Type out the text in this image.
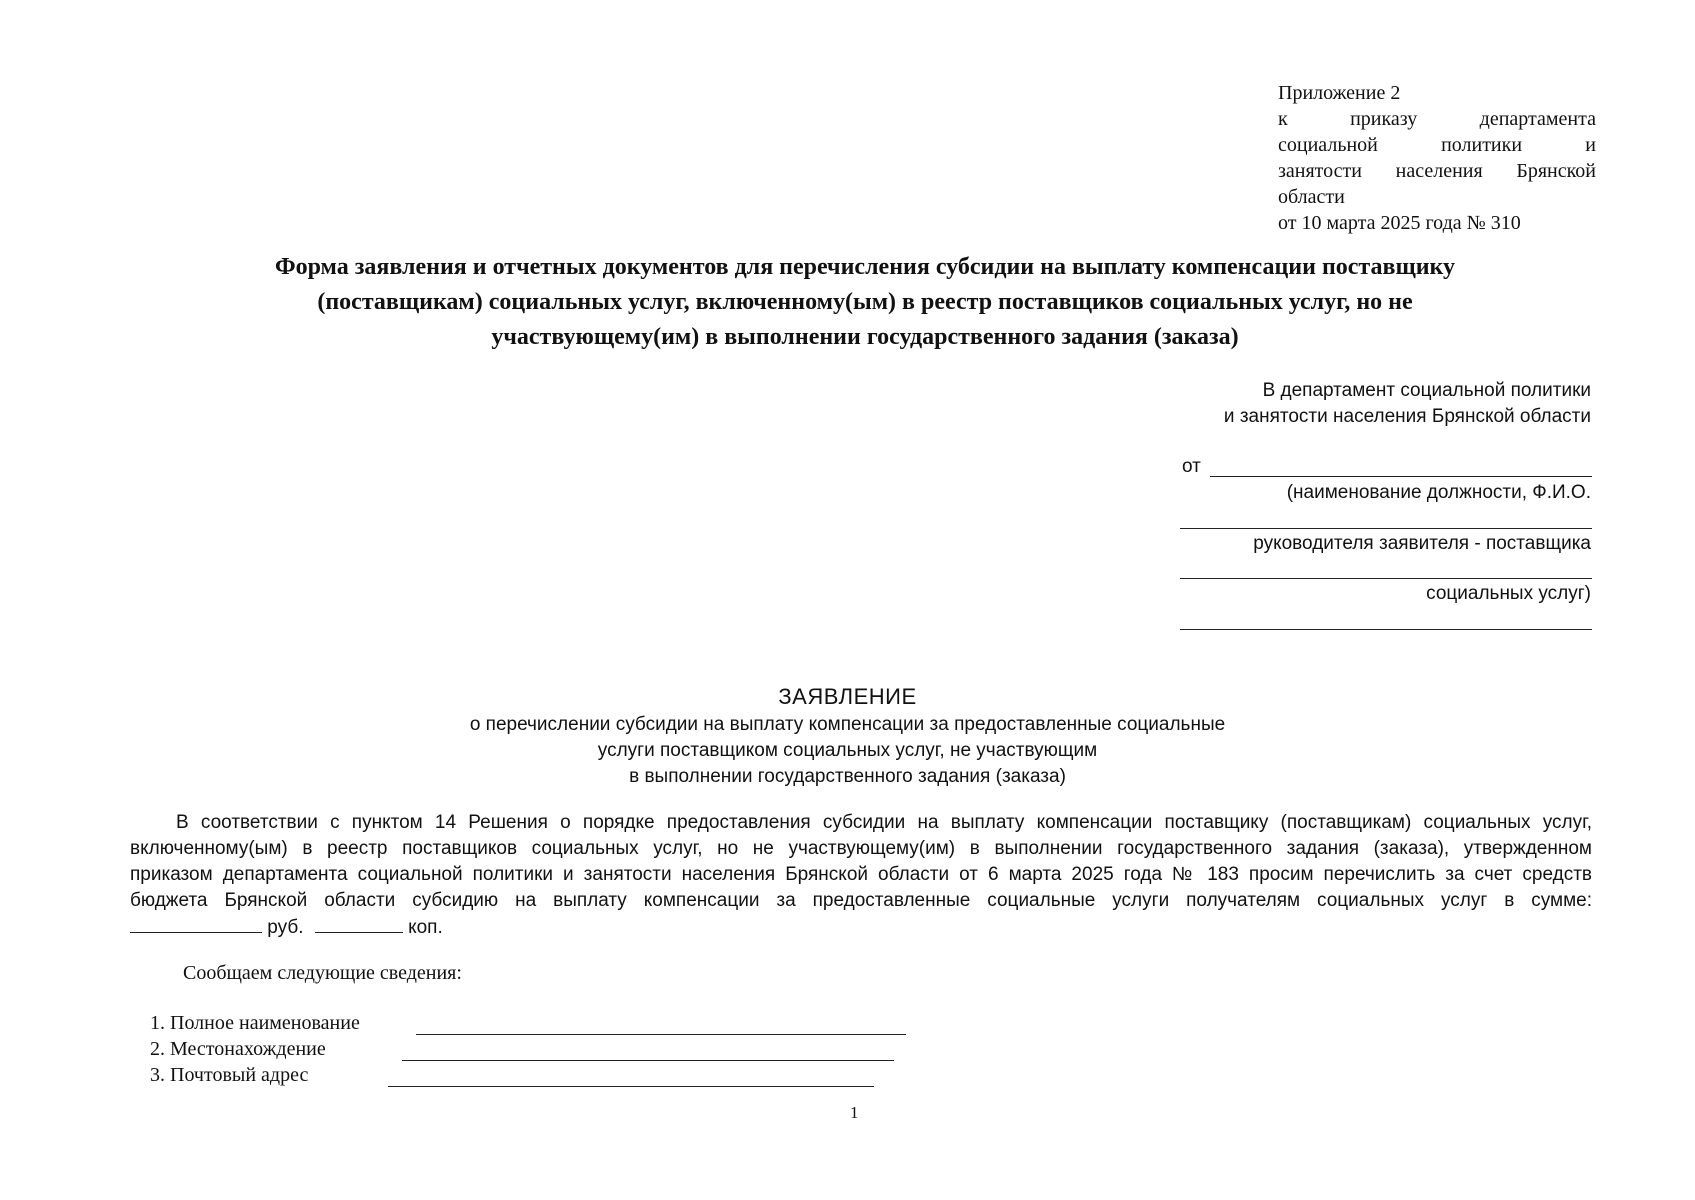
Приложение 2
к приказу департамента
социальной политики и
занятости населения Брянской
области
от 10 марта 2025 года № 310
Форма заявления и отчетных документов для перечисления субсидии на выплату компенсации поставщику
(поставщикам) социальных услуг, включенному(ым) в реестр поставщиков социальных услуг, но не
участвующему(им) в выполнении государственного задания (заказа)
В департамент социальной политики
и занятости населения Брянской области
от
(наименование должности, Ф.И.О.
руководителя заявителя - поставщика
социальных услуг)
ЗАЯВЛЕНИЕ
о перечислении субсидии на выплату компенсации за предоставленные социальные
услуги поставщиком социальных услуг, не участвующим
в выполнении государственного задания (заказа)
В соответствии с пунктом 14 Решения о порядке предоставления субсидии на выплату компенсации поставщику (поставщикам) социальных услуг,
включенному(ым) в реестр поставщиков социальных услуг, но не участвующему(им) в выполнении государственного задания (заказа), утвержденном
приказом департамента социальной политики и занятости населения Брянской области от 6 марта 2025 года № 183 просим перечислить за счет средств
бюджета Брянской области субсидию на выплату компенсации за предоставленные социальные услуги получателям социальных услуг в сумме:
руб.	коп.
Сообщаем следующие сведения:
1. Полное наименование
2. Местонахождение
3. Почтовый адрес
1
